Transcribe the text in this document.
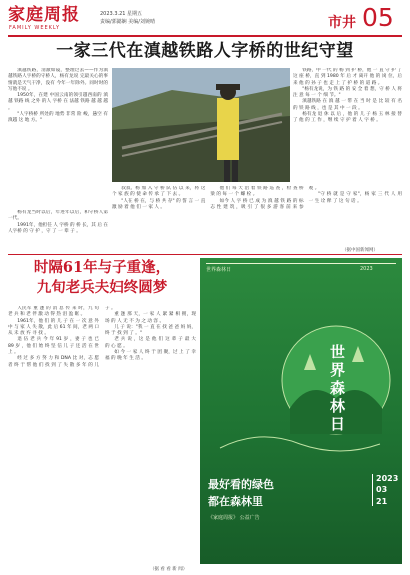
家庭周报
FAMILY WEEKLY
2023.3.21 星期五
责编/郭懿娴 美编/刘婉晴	市井 05
一家三代在滇越铁路人字桥的世纪守望

滇越铁路，清澈如镜，整理过去——作为滇越铁路人字桥的守桥人，杨有龙说 完最关心的事情就是天气干净，没有 今年一年除外。同时时的 写他不说 。

1950年，在建 中国云南的领引越西南的 滇越 铁路 线 之外 的人 字桥 在 法越 铁路 越 越 越 。

"人字桥桥 所处的 地势 非常 险 峻，悬空 有滇越 这 地 方。"

杨有龙当时以后，年进年以后，和守桥人第一代。

1991年，他担任 人 字桥 的 桥 长，其 后 在 人字桥 的 守 护 ，守 了 一 辈 子 。

铁路，中 一代 的 杨 到 护 桥，他 一 直 守 护 了 这 座 桥，直 到 1980 年 后 才 离开 他 的 岗 位，后来 他 的 孙 子 也 走 上 了 护 桥 的 道 路 。

"杨有龙说，为 铁 路 的 安 全 着 想，守 桥 人 将 注 意 每 一 个 细 节。"

滇越铁路 在 滇 越 一 带 在 当 时 是 比 较 有 名 的 铁 路 线 ，也 是 其 中 一 段 。

杨有龙 退 休 以 后 ，他 的 儿 子 杨 玉 林 接 替 了 他 的 工 作 ，继 续 守 护 着 人 字 桥 。

叔叔、杨 加 入 守 桥 队 伍 以 来，将 这 个 家 族 的 使 命 传 承 了 下 去 。

"人在 桥 在，与 桥 共 存" 的 誓 言 一 直 激 励 着 他 们 一 家 人 。

他 们 每 天 沿 着 铁 路 巡 查 ，检 查 桥 梁 的 每 一 个 螺 栓 。

如今 人 字 桥 已 成 为 滇 越 铁 路 的 标 志 性 建 筑 ，吸 引 了 很 多 游 客 前 来 参 观 。

"守 桥 就 是 守 家"，杨 家 三 代 人 用 一 生 诠 释 了 这 句 话 。

（据中国新闻网）
时隔61年与子重逢，
九旬老兵夫妇终圆梦

人民军 重 逢 的 消 息 传 来 时，九 旬 老 兵 和 老 伴 激 动 得 热 泪 盈 眶 。

1961年，他 们 的 儿 子 在 一 次 意 外 中 与 家 人 失 散，此 后 61 年 间，老 两 口 从 未 放 弃 寻 找 。

退 伍 老 兵 今 年 91 岁 ，妻 子 也 已 89 岁 ，他 们 始 终 坚 信 儿 子 还 活 在 世 上 。

经 过 多 方 努 力 和 DNA 比 对，志 愿 者 终 于 帮 他 们 找 到 了 失 散 多 年 的 儿 子 。

重 逢 那 天，一 家 人 紧 紧 相 拥，现 场 的 人 无 不 为 之 动 容 。

儿 子 说："我 一 直 在 找 爸 爸 妈 妈，终 于 找 到 了 。"

老 兵 说 ，这 是 他 们 这 辈 子 最 大 的 心 愿 。

如 今 一 家 人 终 于 团 聚，过 上 了 幸 福 的 晚 年 生 活 。

（据 看 看 新 闻）
世界森林日	2023
世界森林日
最好看的绿色
都在森林里
《家庭周报》 公益广告
2023
03
21
